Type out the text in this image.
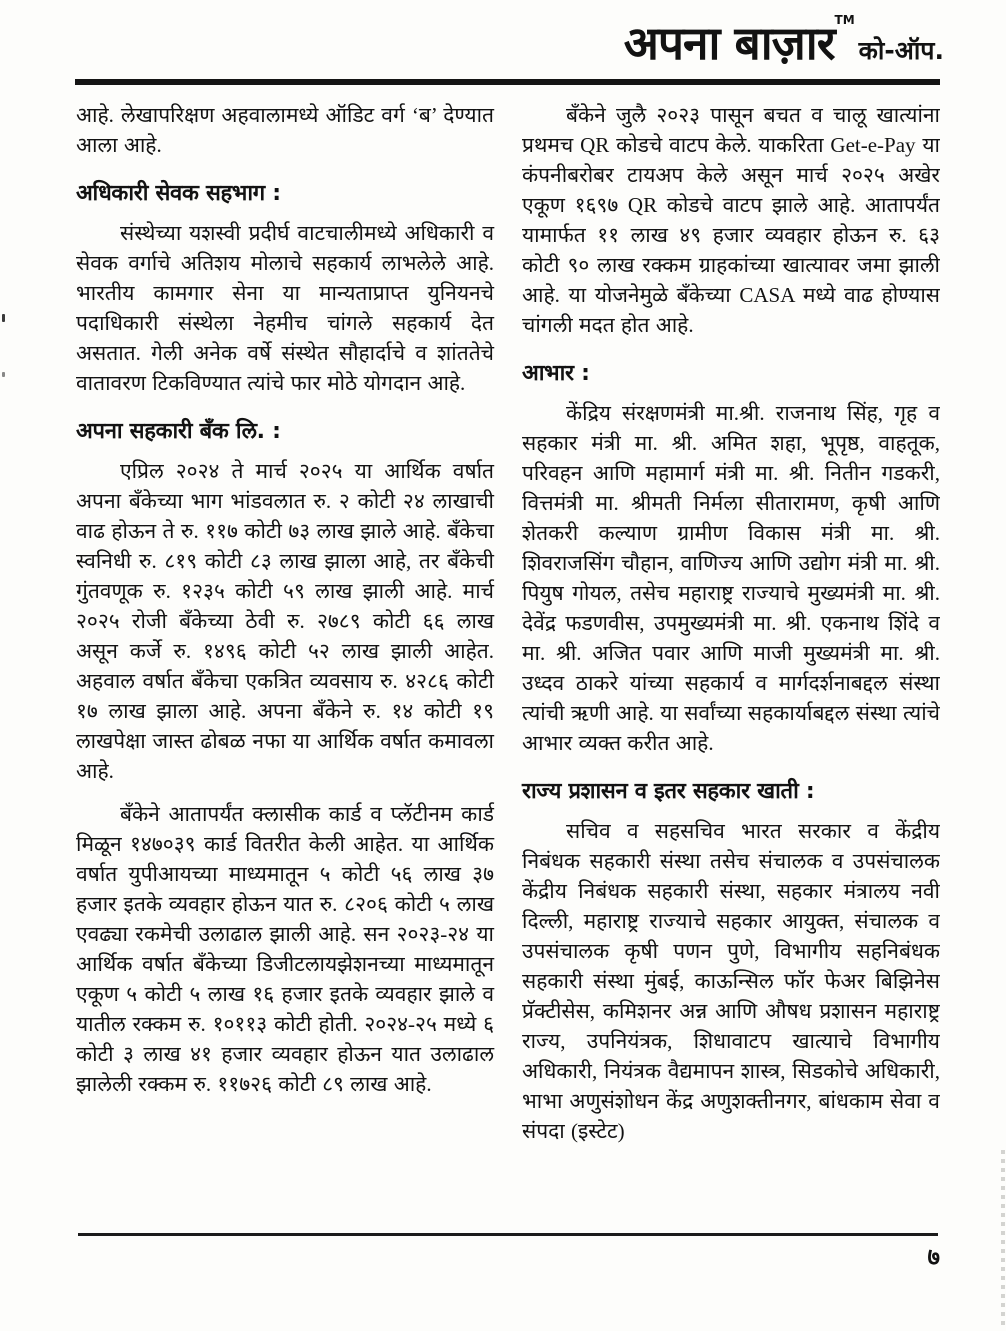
अपना बाज़ार™ को-ऑप.

आहे. लेखापरिक्षण अहवालामध्ये ऑडिट वर्ग ‘ब’ देण्यात आला आहे.

अधिकारी सेवक सहभाग :

संस्थेच्या यशस्वी प्रदीर्घ वाटचालीमध्ये अधिकारी व सेवक वर्गाचे अतिशय मोलाचे सहकार्य लाभलेले आहे. भारतीय कामगार सेना या मान्यताप्राप्त युनियनचे पदाधिकारी संस्थेला नेहमीच चांगले सहकार्य देत असतात. गेली अनेक वर्षे संस्थेत सौहार्दाचे व शांततेचे वातावरण टिकविण्यात त्यांचे फार मोठे योगदान आहे.

अपना सहकारी बँक लि. :

एप्रिल २०२४ ते मार्च २०२५ या आर्थिक वर्षात अपना बँकेच्या भाग भांडवलात रु. २ कोटी २४ लाखाची वाढ होऊन ते रु. ११७ कोटी ७३ लाख झाले आहे. बँकेचा स्वनिधी रु. ८१९ कोटी ८३ लाख झाला आहे, तर बँकेची गुंतवणूक रु. १२३५ कोटी ५९ लाख झाली आहे. मार्च २०२५ रोजी बँकेच्या ठेवी रु. २७८९ कोटी ६६ लाख असून कर्जे रु. १४९६ कोटी ५२ लाख झाली आहेत. अहवाल वर्षात बँकेचा एकत्रित व्यवसाय रु. ४२८६ कोटी १७ लाख झाला आहे. अपना बँकेने रु. १४ कोटी १९ लाखपेक्षा जास्त ढोबळ नफा या आर्थिक वर्षात कमावला आहे.

बँकेने आतापर्यंत क्लासीक कार्ड व प्लॅटीनम कार्ड मिळून १४७०३९ कार्ड वितरीत केली आहेत. या आर्थिक वर्षात युपीआयच्या माध्यमातून ५ कोटी ५६ लाख ३७ हजार इतके व्यवहार होऊन यात रु. ८२०६ कोटी ५ लाख एवढ्या रकमेची उलाढाल झाली आहे. सन २०२३-२४ या आर्थिक वर्षात बँकेच्या डिजीटलायझेशनच्या माध्यमातून एकूण ५ कोटी ५ लाख १६ हजार इतके व्यवहार झाले व यातील रक्कम रु. १०११३ कोटी होती. २०२४-२५ मध्ये ६ कोटी ३ लाख ४१ हजार व्यवहार होऊन यात उलाढाल झालेली रक्कम रु. ११७२६ कोटी ८९ लाख आहे.

बँकेने जुलै २०२३ पासून बचत व चालू खात्यांना प्रथमच QR कोडचे वाटप केले. याकरिता Get-e-Pay या कंपनीबरोबर टायअप केले असून मार्च २०२५ अखेर एकूण १६९७ QR कोडचे वाटप झाले आहे. आतापर्यंत यामार्फत ११ लाख ४९ हजार व्यवहार होऊन रु. ६३ कोटी ९० लाख रक्कम ग्राहकांच्या खात्यावर जमा झाली आहे. या योजनेमुळे बँकेच्या CASA मध्ये वाढ होण्यास चांगली मदत होत आहे.

आभार :

केंद्रिय संरक्षणमंत्री मा.श्री. राजनाथ सिंह, गृह व सहकार मंत्री मा. श्री. अमित शहा, भूपृष्ठ, वाहतूक, परिवहन आणि महामार्ग मंत्री मा. श्री. नितीन गडकरी, वित्तमंत्री मा. श्रीमती निर्मला सीतारामण, कृषी आणि शेतकरी कल्याण ग्रामीण विकास मंत्री मा. श्री. शिवराजसिंग चौहान, वाणिज्य आणि उद्योग मंत्री मा. श्री. पियुष गोयल, तसेच महाराष्ट्र राज्याचे मुख्यमंत्री मा. श्री. देवेंद्र फडणवीस, उपमुख्यमंत्री मा. श्री. एकनाथ शिंदे व मा. श्री. अजित पवार आणि माजी मुख्यमंत्री मा. श्री. उध्दव ठाकरे यांच्या सहकार्य व मार्गदर्शनाबद्दल संस्था त्यांची ऋणी आहे. या सर्वांच्या सहकार्याबद्दल संस्था त्यांचे आभार व्यक्त करीत आहे.

राज्य प्रशासन व इतर सहकार खाती :

सचिव व सहसचिव भारत सरकार व केंद्रीय निबंधक सहकारी संस्था तसेच संचालक व उपसंचालक केंद्रीय निबंधक सहकारी संस्था, सहकार मंत्रालय नवी दिल्ली, महाराष्ट्र राज्याचे सहकार आयुक्त, संचालक व उपसंचालक कृषी पणन पुणे, विभागीय सहनिबंधक सहकारी संस्था मुंबई, काऊन्सिल फॉर फेअर बिझिनेस प्रॅक्टीसेस, कमिशनर अन्न आणि औषध प्रशासन महाराष्ट्र राज्य, उपनियंत्रक, शिधावाटप खात्याचे विभागीय अधिकारी, नियंत्रक वैद्यमापन शास्त्र, सिडकोचे अधिकारी, भाभा अणुसंशोधन केंद्र अणुशक्तीनगर, बांधकाम सेवा व संपदा (इस्टेट)

७
